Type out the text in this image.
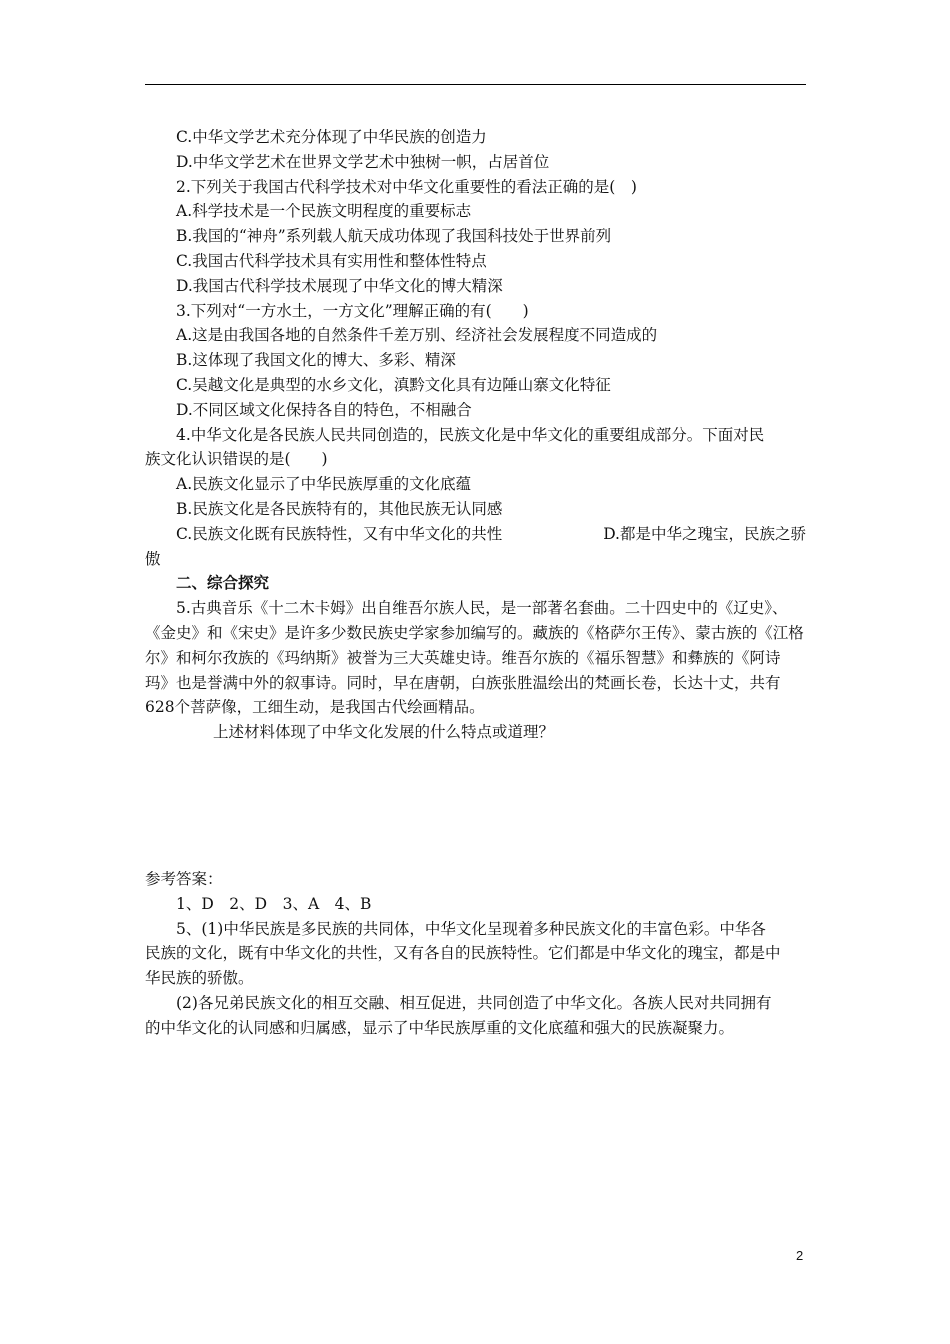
C.中华文学艺术充分体现了中华民族的创造力
D.中华文学艺术在世界文学艺术中独树一帜，占居首位
2.下列关于我国古代科学技术对中华文化重要性的看法正确的是(　)
A.科学技术是一个民族文明程度的重要标志
B.我国的“神舟”系列载人航天成功体现了我国科技处于世界前列
C.我国古代科学技术具有实用性和整体性特点
D.我国古代科学技术展现了中华文化的博大精深
3.下列对“一方水土，一方文化”理解正确的有(　　)
A.这是由我国各地的自然条件千差万别、经济社会发展程度不同造成的
B.这体现了我国文化的博大、多彩、精深
C.吴越文化是典型的水乡文化，滇黔文化具有边陲山寨文化特征
D.不同区域文化保持各自的特色，不相融合
4.中华文化是各民族人民共同创造的，民族文化是中华文化的重要组成部分。下面对民
族文化认识错误的是(　　)
A.民族文化显示了中华民族厚重的文化底蕴
B.民族文化是各民族特有的，其他民族无认同感
C.民族文化既有民族特性，又有中华文化的共性	D.都是中华之瑰宝，民族之骄
傲
二、综合探究
5.古典音乐《十二木卡姆》出自维吾尔族人民，是一部著名套曲。二十四史中的《辽史》、
《金史》和《宋史》是许多少数民族史学家参加编写的。藏族的《格萨尔王传》、蒙古族的《江格
尔》和柯尔孜族的《玛纳斯》被誉为三大英雄史诗。维吾尔族的《福乐智慧》和彝族的《阿诗
玛》也是誉满中外的叙事诗。同时，早在唐朝，白族张胜温绘出的梵画长卷，长达十丈，共有
628个菩萨像，工细生动，是我国古代绘画精品。
上述材料体现了中华文化发展的什么特点或道理？
参考答案：
1、D　2、D　3、A　4、B
5、(1)中华民族是多民族的共同体，中华文化呈现着多种民族文化的丰富色彩。中华各
民族的文化，既有中华文化的共性，又有各自的民族特性。它们都是中华文化的瑰宝，都是中
华民族的骄傲。
(2)各兄弟民族文化的相互交融、相互促进，共同创造了中华文化。各族人民对共同拥有
的中华文化的认同感和归属感，显示了中华民族厚重的文化底蕴和强大的民族凝聚力。
2
